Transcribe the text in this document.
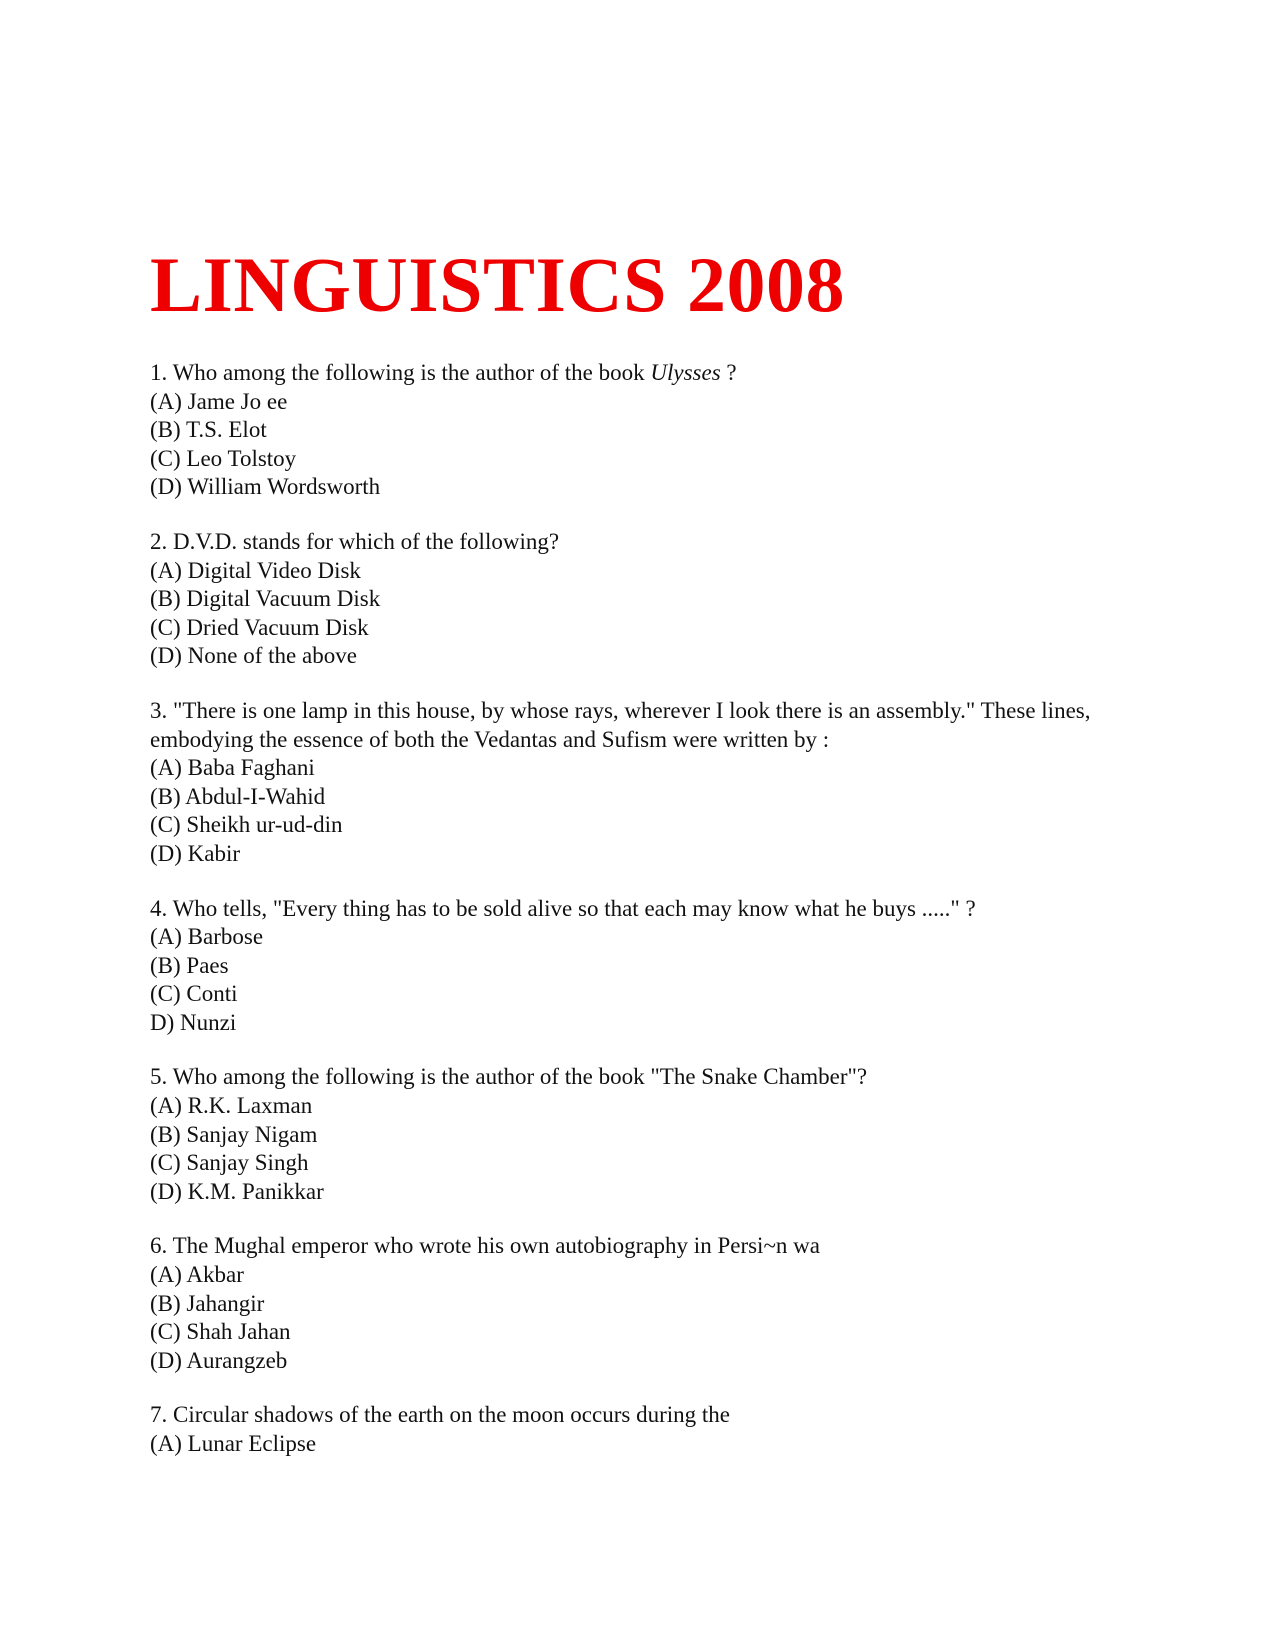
LINGUISTICS 2008
1. Who among the following is the author of the book Ulysses ?
(A) Jame Jo ee
(B) T.S. Elot
(C) Leo Tolstoy
(D) William Wordsworth
2. D.V.D. stands for which of the following?
(A) Digital Video Disk
(B) Digital Vacuum Disk
(C) Dried Vacuum Disk
(D) None of the above
3. "There is one lamp in this house, by whose rays, wherever I look there is an assembly." These lines, embodying the essence of both the Vedantas and Sufism were written by :
(A) Baba Faghani
(B) Abdul-I-Wahid
(C) Sheikh ur-ud-din
(D) Kabir
4. Who tells, "Every thing has to be sold alive so that each may know what he buys ....." ?
(A) Barbose
(B) Paes
(C) Conti
D) Nunzi
5. Who among the following is the author of the book "The Snake Chamber"?
(A) R.K. Laxman
(B) Sanjay Nigam
(C) Sanjay Singh
(D) K.M. Panikkar
6. The Mughal emperor who wrote his own autobiography in Persi~n wa
(A) Akbar
(B) Jahangir
(C) Shah Jahan
(D) Aurangzeb
7. Circular shadows of the earth on the moon occurs during the
(A) Lunar Eclipse
